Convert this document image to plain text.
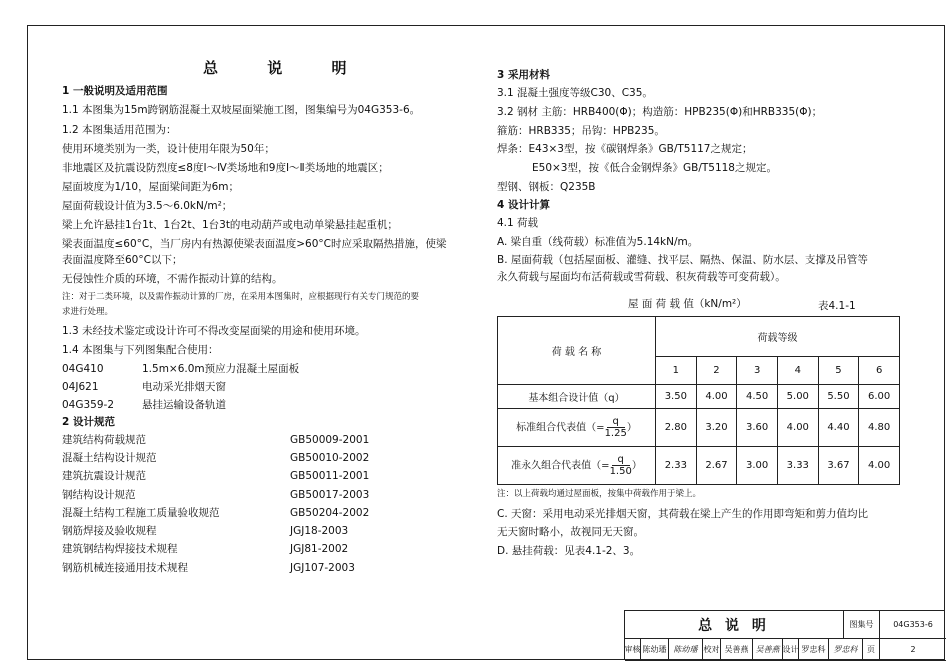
总 说 明
1 一般说明及适用范围
1.1 本图集为15m跨钢筋混凝土双坡屋面梁施工图，图集编号为04G353-6。
1.2 本图集适用范围为：
使用环境类别为一类，设计使用年限为50年；
非地震区及抗震设防烈度≤8度Ⅰ～Ⅳ类场地和9度Ⅰ～Ⅱ类场地的地震区；
屋面坡度为1/10，屋面梁间距为6m；
屋面荷载设计值为3.5～6.0kN/m²；
梁上允许悬挂1台1t、1台2t、1台3t的电动葫芦或电动单梁悬挂起重机；
梁表面温度≤60°C，当厂房内有热源使梁表面温度>60°C时应采取隔热措施，使梁
表面温度降至60°C以下；
无侵蚀性介质的环境，不需作振动计算的结构。
注：对于二类环境，以及需作振动计算的厂房，在采用本图集时，应根据现行有关专门规范的要
求进行处理。
1.3 未经技术鉴定或设计许可不得改变屋面梁的用途和使用环境。
1.4 本图集与下列图集配合使用：
04G410	1.5m×6.0m预应力混凝土屋面板
04J621	电动采光排烟天窗
04G359-2	悬挂运输设备轨道
2 设计规范
建筑结构荷载规范	GB50009-2001
混凝土结构设计规范	GB50010-2002
建筑抗震设计规范	GB50011-2001
钢结构设计规范	GB50017-2003
混凝土结构工程施工质量验收规范	GB50204-2002
钢筋焊接及验收规程	JGJ18-2003
建筑钢结构焊接技术规程	JGJ81-2002
钢筋机械连接通用技术规程	JGJ107-2003
3 采用材料
3.1 混凝土强度等级C30、C35。
3.2 钢材 主筋：HRB400(Φ)；构造筋：HPB235(Φ)和HRB335(Φ)；
箍筋：HRB335；吊钩：HPB235。
焊条：E43×3型，按《碳钢焊条》GB/T5117之规定；
E50×3型，按《低合金钢焊条》GB/T5118之规定。
型钢、钢板：Q235B
4 设计计算
4.1 荷载
A. 梁自重（线荷载）标准值为5.14kN/m。
B. 屋面荷载（包括屋面板、灌缝、找平层、隔热、保温、防水层、支撑及吊管等
永久荷载与屋面均布活荷载或雪荷载、积灰荷载等可变荷载）。
屋 面 荷 载 值（kN/m²）	表4.1-1
荷 载 名 称	荷载等级					
	1	2	3	4	5	6
基本组合设计值（q）	3.50	4.00	4.50	5.00	5.50	6.00
标准组合代表值（= $\frac{q}{1.25}$ ）	2.80	3.20	3.60	4.00	4.40	4.80
准永久组合代表值（= $\frac{q}{1.50}$ ）	2.33	2.67	3.00	3.33	3.67	4.00
注：以上荷载均通过屋面板，按集中荷载作用于梁上。
C. 天窗：采用电动采光排烟天窗，其荷载在梁上产生的作用即弯矩和剪力值均比
无天窗时略小，故视同无天窗。
D. 悬挂荷载：见表4.1-2、3。
总 说 明	图集号	04G353-6
审核 陈幼璠 陈幼璠 校对 吴善燕 吴善燕 设计 罗忠科	罗忠科	页	2
